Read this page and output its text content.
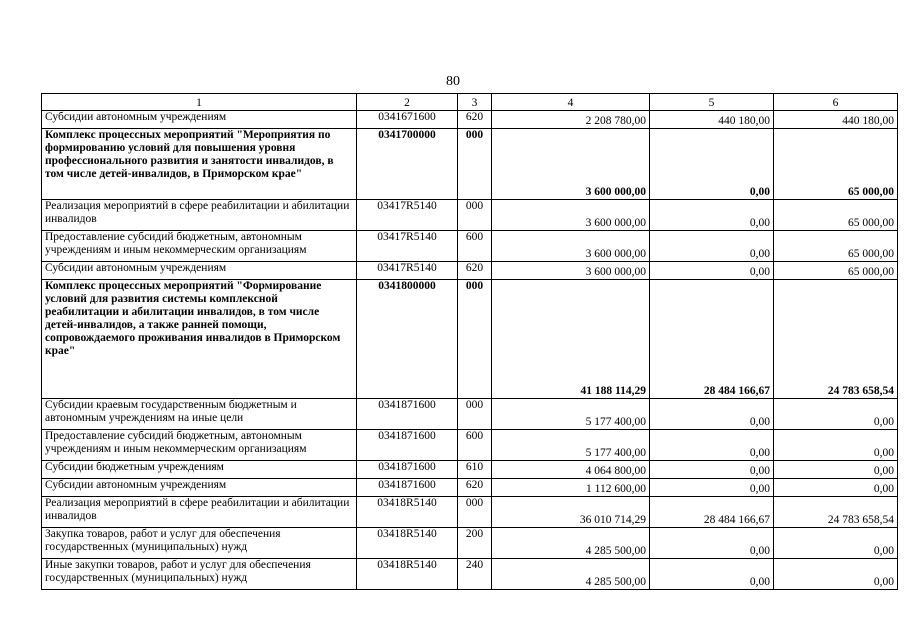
80
1	2	3	4	5	6
Субсидии автономным учреждениям	0341671600	620	2 208 780,00	440 180,00	440 180,00
Комплекс процессных мероприятий "Мероприятия по формированию условий для повышения уровня профессионального развития и занятости инвалидов, в том числе детей-инвалидов, в Приморском крае"	0341700000	000	3 600 000,00	0,00	65 000,00
Реализация мероприятий в сфере реабилитации и абилитации инвалидов	03417R5140	000	3 600 000,00	0,00	65 000,00
Предоставление субсидий бюджетным, автономным учреждениям и иным некоммерческим организациям	03417R5140	600	3 600 000,00	0,00	65 000,00
Субсидии автономным учреждениям	03417R5140	620	3 600 000,00	0,00	65 000,00
Комплекс процессных мероприятий "Формирование условий для развития системы комплексной реабилитации и абилитации инвалидов, в том числе детей-инвалидов, а также ранней помощи, сопровождаемого проживания инвалидов в Приморском крае"	0341800000	000	41 188 114,29	28 484 166,67	24 783 658,54
Субсидии краевым государственным бюджетным и автономным учреждениям на иные цели	0341871600	000	5 177 400,00	0,00	0,00
Предоставление субсидий бюджетным, автономным учреждениям и иным некоммерческим организациям	0341871600	600	5 177 400,00	0,00	0,00
Субсидии бюджетным учреждениям	0341871600	610	4 064 800,00	0,00	0,00
Субсидии автономным учреждениям	0341871600	620	1 112 600,00	0,00	0,00
Реализация мероприятий в сфере реабилитации и абилитации инвалидов	03418R5140	000	36 010 714,29	28 484 166,67	24 783 658,54
Закупка товаров, работ и услуг для обеспечения государственных (муниципальных) нужд	03418R5140	200	4 285 500,00	0,00	0,00
Иные закупки товаров, работ и услуг для обеспечения государственных (муниципальных) нужд	03418R5140	240	4 285 500,00	0,00	0,00
